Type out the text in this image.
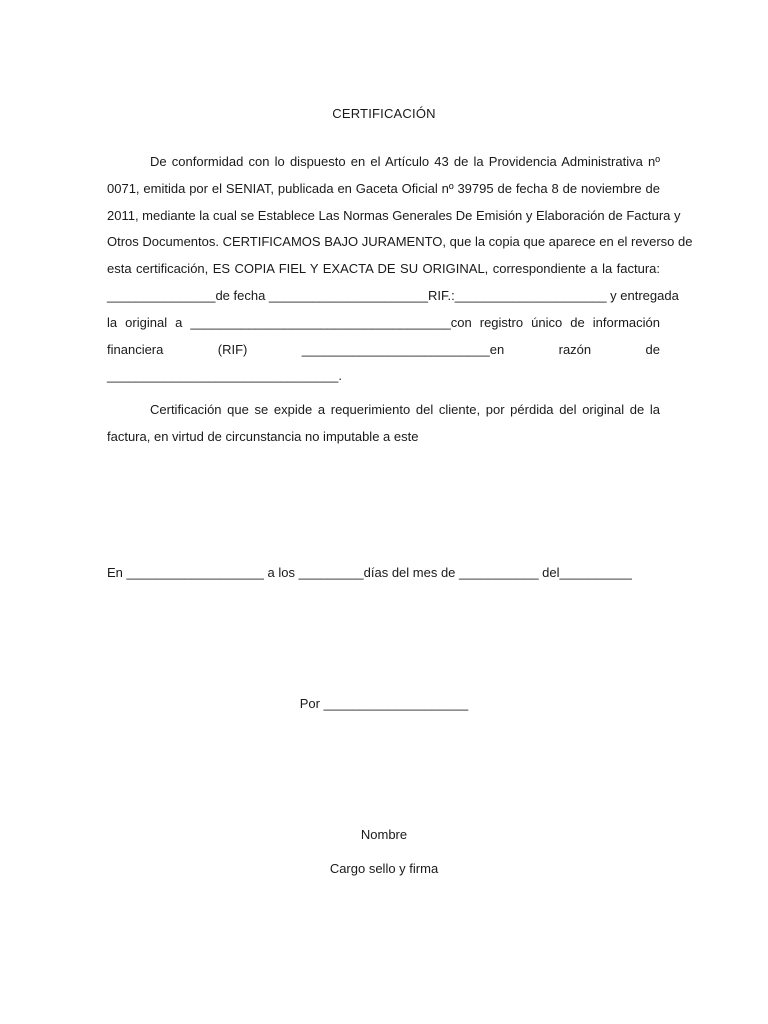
CERTIFICACIÓN
De conformidad con lo dispuesto en el Artículo 43 de la Providencia Administrativa nº
0071, emitida por el SENIAT, publicada en Gaceta Oficial nº 39795 de fecha 8 de noviembre de
2011, mediante la cual se Establece Las Normas Generales De Emisión y Elaboración de Factura y
Otros Documentos. CERTIFICAMOS BAJO JURAMENTO, que la copia que aparece en el reverso de
esta certificación, ES COPIA FIEL Y EXACTA DE SU ORIGINAL, correspondiente a la factura:
_______________de fecha ______________________RIF.:_____________________ y entregada
la original a ____________________________________con registro único de información
financiera	(RIF)	__________________________en	razón	de
________________________________.
Certificación que se expide a requerimiento del cliente, por pérdida del original de la
factura, en virtud de circunstancia no imputable a este
En ___________________ a los _________días del mes de ___________ del__________
Por ____________________
Nombre
Cargo sello y firma
